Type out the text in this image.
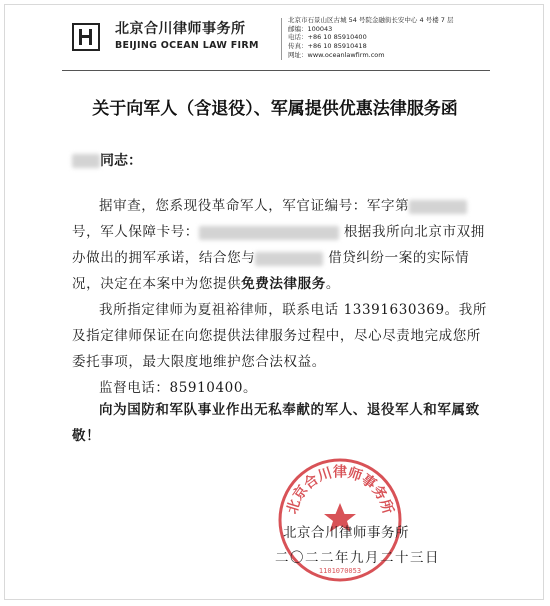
北京合川律师事务所
BEIJING OCEAN LAW FIRM
北京市石景山区古城 54 号院金融街长安中心 4 号楼 7 层
邮编：100043
电话：+86 10 85910400
传真：+86 10 85910418
网址：www.oceanlawfirm.com
关于向军人（含退役）、军属提供优惠法律服务函
同志：

据审查，您系现役革命军人，军官证编号：军字第号，军人保障卡号：	根据我所向北京市双拥办做出的拥军承诺，结合您与	借贷纠纷一案的实际情况，决定在本案中为您提供免费法律服务。

我所指定律师为夏祖裕律师，联系电话 13391630369。我所及指定律师保证在向您提供法律服务过程中，尽心尽责地完成您所委托事项，最大限度地维护您合法权益。

监督电话：85910400。

向为国防和军队事业作出无私奉献的军人、退役军人和军属致敬！

北京合川律师事务所
1101070053
北京合川律师事务所
二〇二二年九月二十三日
